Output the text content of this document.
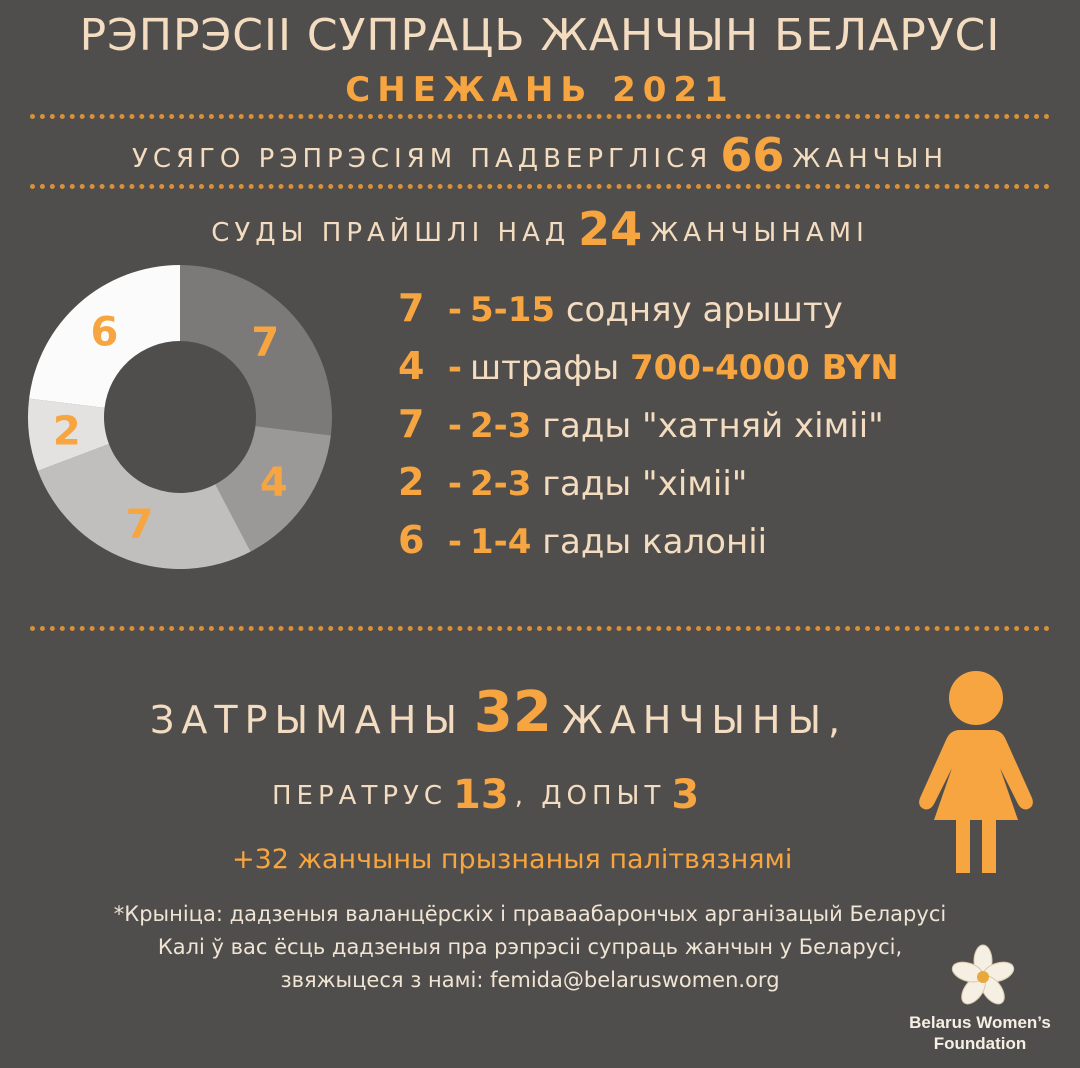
РЭПРЭСІІ СУПРАЦЬ ЖАНЧЫН БЕЛАРУСІ
СНЕЖАНЬ 2021
УСЯГО РЭПРЭСІЯМ ПАДВЕРГЛІСЯ 66 ЖАНЧЫН
СУДЫ ПРАЙШЛІ НАД 24 ЖАНЧЫНАМІ
7
4
7
2
6
7 - 5-15 содняу арышту
4 - штрафы 700-4000 BYN
7 - 2-3 гады "хатняй хіміі"
2 - 2-3 гады "хіміі"
6 - 1-4 гады калоніі
ЗАТРЫМАНЫ 32 ЖАНЧЫНЫ,
ПЕРАТРУС 13 , ДОПЫТ 3
+32 жанчыны прызнаныя палітвязнямі
*Крыніца: дадзеныя валанцёрскіх і праваабарончых арганізацый Беларусі
Калі ў вас ёсць дадзеныя пра рэпрэсіі супраць жанчын у Беларусі, звяжыцеся з намі: femida@belaruswomen.org
Belarus Women’s
Foundation
